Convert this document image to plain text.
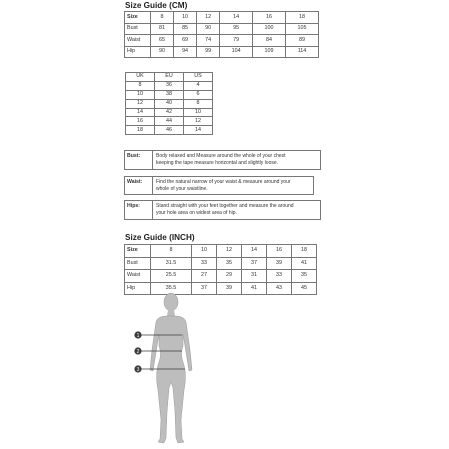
Size Guide (CM)
Size	8	10	12	14	16	18
Bust	81	85	90	95	100	105
Waist	65	69	74	79	84	89
Hip	90	94	99	104	109	114
UK	EU	US
8	36	4
10	38	6
12	40	8
14	42	10
16	44	12
18	46	14
Bust:	Body relaxed and Measure around the whole of your chest
keeping the tape measure horizontal and slightly loose.
Waist:	Find the natural narrow of your waist & measure around your
whole of your waistline.
Hips:	Stand straight with your feet together and measure the around
your hole area on widest area of hip.
Size Guide (INCH)
Size	8	10	12	14	16	18
Bust	31.5	33	35	37	39	41
Waist	25.5	27	29	31	33	35
Hip	35.5	37	39	41	43	45
1
2
3
